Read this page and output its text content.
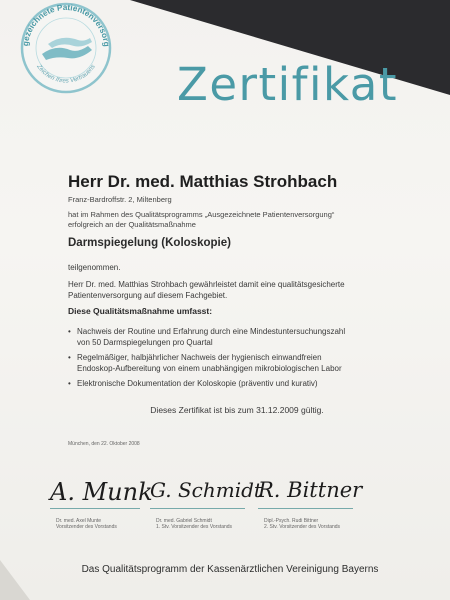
gezeichnete Patientenversorg
Zeichen Ihres Vertrauens Zertifikat
Herr Dr. med. Matthias Strohbach
Franz-Bardroffstr. 2, Miltenberg
hat im Rahmen des Qualitätsprogramms „Ausgezeichnete Patientenversorgung“
erfolgreich an der Qualitätsmaßnahme
Darmspiegelung (Koloskopie)
teilgenommen.
Herr Dr. med. Matthias Strohbach gewährleistet damit eine qualitätsgesicherte
Patientenversorgung auf diesem Fachgebiet.
Diese Qualitätsmaßnahme umfasst:
• Nachweis der Routine und Erfahrung durch eine Mindestuntersuchungszahl
von 50 Darmspiegelungen pro Quartal
• Regelmäßiger, halbjährlicher Nachweis der hygienisch einwandfreien
Endoskop-Aufbereitung von einem unabhängigen mikrobiologischen Labor
• Elektronische Dokumentation der Koloskopie (präventiv und kurativ)
Dieses Zertifikat ist bis zum 31.12.2009 gültig.
München, den 22. Oktober 2008
A. Munk
Dr. med. Axel Munte
Vorsitzender des Vorstands
G. Schmidt
Dr. med. Gabriel Schmidt
1. Stv. Vorsitzender des Vorstands
R. Bittner
Dipl.-Psych. Rudi Bittner
2. Stv. Vorsitzender des Vorstands
Das Qualitätsprogramm der Kassenärztlichen Vereinigung Bayerns
